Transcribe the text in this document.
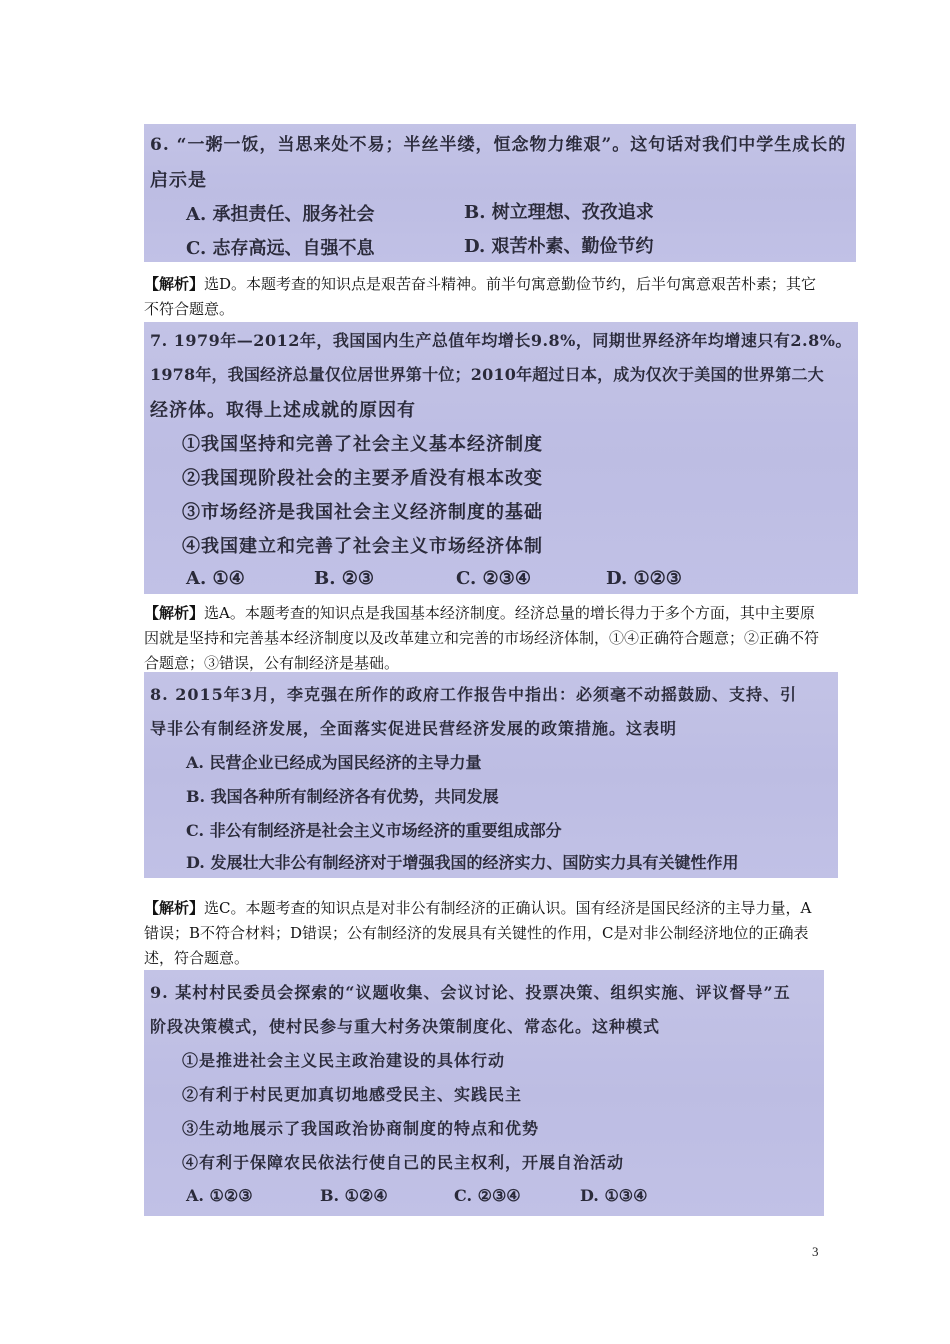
6. “一粥一饭，当思来处不易；半丝半缕，恒念物力维艰”。这句话对我们中学生成长的
启示是
A. 承担责任、服务社会	B. 树立理想、孜孜追求
C. 志存高远、自强不息	D. 艰苦朴素、勤俭节约
【解析】选D。本题考查的知识点是艰苦奋斗精神。前半句寓意勤俭节约，后半句寓意艰苦朴素；其它不符合题意。
7. 1979年—2012年，我国国内生产总值年均增长9.8%，同期世界经济年均增速只有2.8%。
1978年，我国经济总量仅位居世界第十位；2010年超过日本，成为仅次于美国的世界第二大
经济体。取得上述成就的原因有
①我国坚持和完善了社会主义基本经济制度
②我国现阶段社会的主要矛盾没有根本改变
③市场经济是我国社会主义经济制度的基础
④我国建立和完善了社会主义市场经济体制
A. ①④	B. ②③	C. ②③④	D. ①②③
【解析】选A。本题考查的知识点是我国基本经济制度。经济总量的增长得力于多个方面，其中主要原因就是坚持和完善基本经济制度以及改革建立和完善的市场经济体制，①④正确符合题意；②正确不符合题意；③错误，公有制经济是基础。
8. 2015年3月，李克强在所作的政府工作报告中指出：必须毫不动摇鼓励、支持、引
导非公有制经济发展，全面落实促进民营经济发展的政策措施。这表明
A. 民营企业已经成为国民经济的主导力量
B. 我国各种所有制经济各有优势，共同发展
C. 非公有制经济是社会主义市场经济的重要组成部分
D. 发展壮大非公有制经济对于增强我国的经济实力、国防实力具有关键性作用
【解析】选C。本题考查的知识点是对非公有制经济的正确认识。国有经济是国民经济的主导力量，A错误；B不符合材料；D错误；公有制经济的发展具有关键性的作用，C是对非公制经济地位的正确表述，符合题意。
9. 某村村民委员会探索的“议题收集、会议讨论、投票决策、组织实施、评议督导”五
阶段决策模式，使村民参与重大村务决策制度化、常态化。这种模式
①是推进社会主义民主政治建设的具体行动
②有利于村民更加真切地感受民主、实践民主
③生动地展示了我国政治协商制度的特点和优势
④有利于保障农民依法行使自己的民主权利，开展自治活动
A. ①②③	B. ①②④	C. ②③④	D. ①③④
3
